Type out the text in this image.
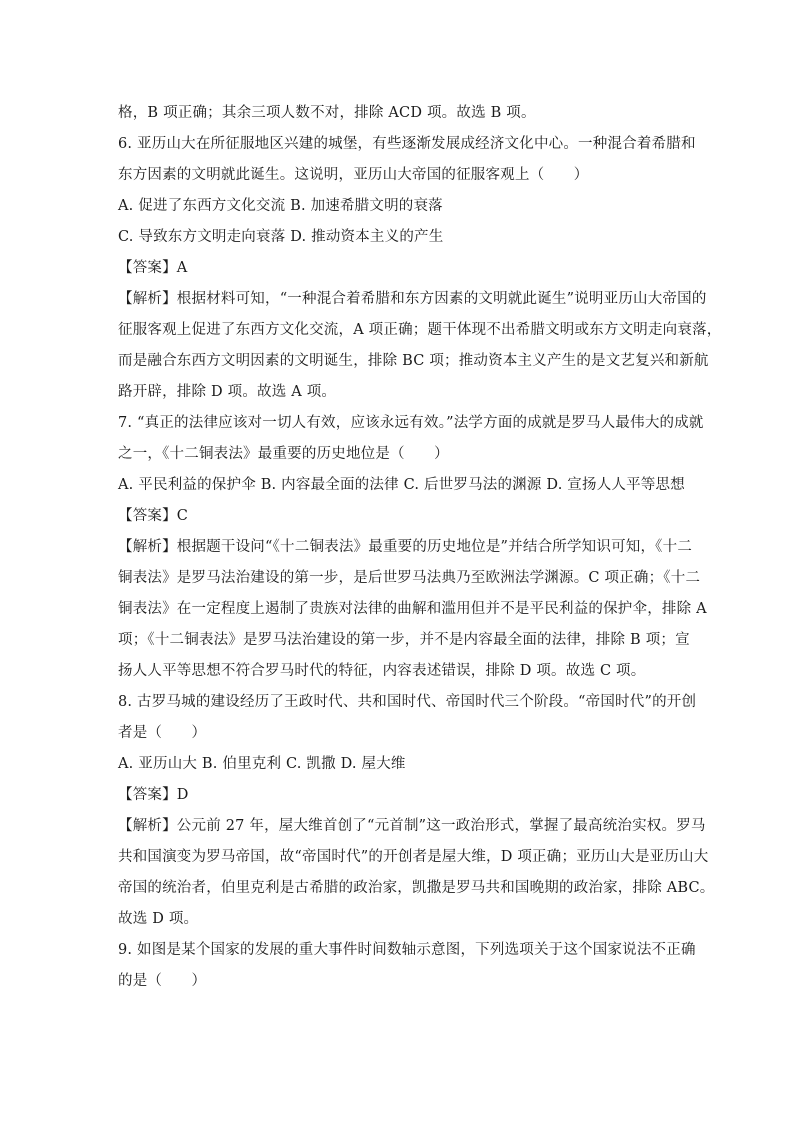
格，B 项正确；其余三项人数不对，排除 ACD 项。故选 B 项。
6. 亚历山大在所征服地区兴建的城堡，有些逐渐发展成经济文化中心。一种混合着希腊和
东方因素的文明就此诞生。这说明，亚历山大帝国的征服客观上（　　）
A. 促进了东西方文化交流 B. 加速希腊文明的衰落
C. 导致东方文明走向衰落 D. 推动资本主义的产生
【答案】A
【解析】根据材料可知，“一种混合着希腊和东方因素的文明就此诞生”说明亚历山大帝国的
征服客观上促进了东西方文化交流，A 项正确；题干体现不出希腊文明或东方文明走向衰落，
而是融合东西方文明因素的文明诞生，排除 BC 项；推动资本主义产生的是文艺复兴和新航
路开辟，排除 D 项。故选 A 项。
7. “真正的法律应该对一切人有效，应该永远有效。”法学方面的成就是罗马人最伟大的成就
之一，《十二铜表法》最重要的历史地位是（　　）
A. 平民利益的保护伞 B. 内容最全面的法律 C. 后世罗马法的渊源 D. 宣扬人人平等思想
【答案】C
【解析】根据题干设问“《十二铜表法》最重要的历史地位是”并结合所学知识可知，《十二
铜表法》是罗马法治建设的第一步，是后世罗马法典乃至欧洲法学渊源。C 项正确；《十二
铜表法》在一定程度上遏制了贵族对法律的曲解和滥用但并不是平民利益的保护伞，排除 A
项；《十二铜表法》是罗马法治建设的第一步，并不是内容最全面的法律，排除 B 项；宣
扬人人平等思想不符合罗马时代的特征，内容表述错误，排除 D 项。故选 C 项。
8. 古罗马城的建设经历了王政时代、共和国时代、帝国时代三个阶段。“帝国时代”的开创
者是（　　）
A. 亚历山大 B. 伯里克利 C. 凯撒 D. 屋大维
【答案】D
【解析】公元前 27 年，屋大维首创了“元首制”这一政治形式，掌握了最高统治实权。罗马
共和国演变为罗马帝国，故“帝国时代”的开创者是屋大维，D 项正确；亚历山大是亚历山大
帝国的统治者，伯里克利是古希腊的政治家，凯撒是罗马共和国晚期的政治家，排除 ABC。
故选 D 项。
9. 如图是某个国家的发展的重大事件时间数轴示意图，下列选项关于这个国家说法不正确
的是（　　）
